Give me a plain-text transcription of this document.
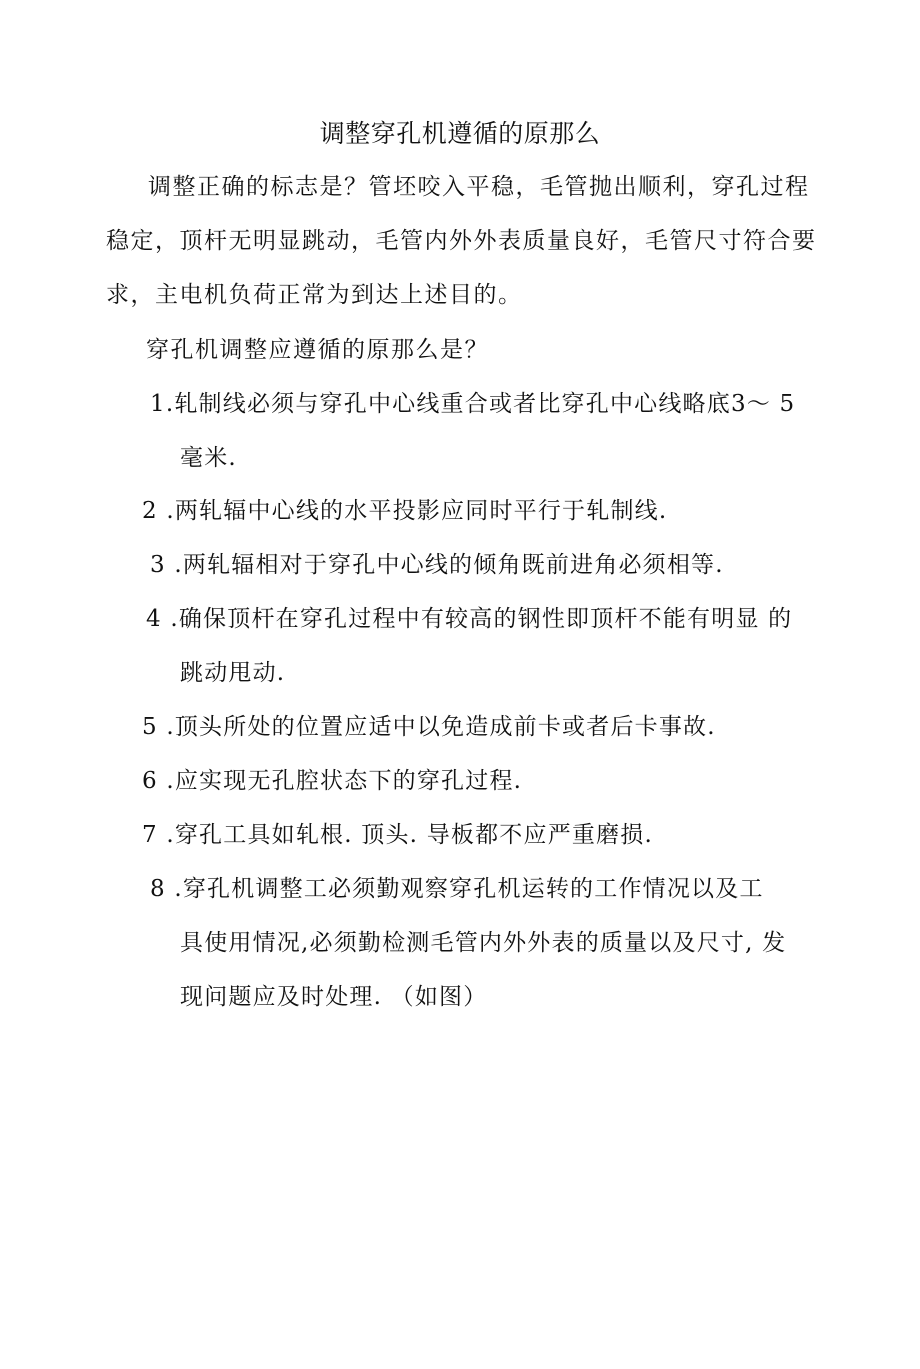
调整穿孔机遵循的原那么
调整正确的标志是？管坯咬入平稳，毛管抛出顺利，穿孔过程稳定，顶杆无明显跳动，毛管内外外表质量良好，毛管尺寸符合要求，主电机负荷正常为到达上述目的。
穿孔机调整应遵循的原那么是？
1.轧制线必须与穿孔中心线重合或者比穿孔中心线略底3〜 5
毫米.
2 .两轧辐中心线的水平投影应同时平行于轧制线.
3 .两轧辐相对于穿孔中心线的倾角既前进角必须相等.
4 .确保顶杆在穿孔过程中有较高的钢性即顶杆不能有明显 的
跳动甩动.
5 .顶头所处的位置应适中以免造成前卡或者后卡事故.
6 .应实现无孔腔状态下的穿孔过程.
7 .穿孔工具如轧根. 顶头. 导板都不应严重磨损.
8 .穿孔机调整工必须勤观察穿孔机运转的工作情况以及工
具使用情况,必须勤检测毛管内外外表的质量以及尺寸, 发
现问题应及时处理. （如图）
